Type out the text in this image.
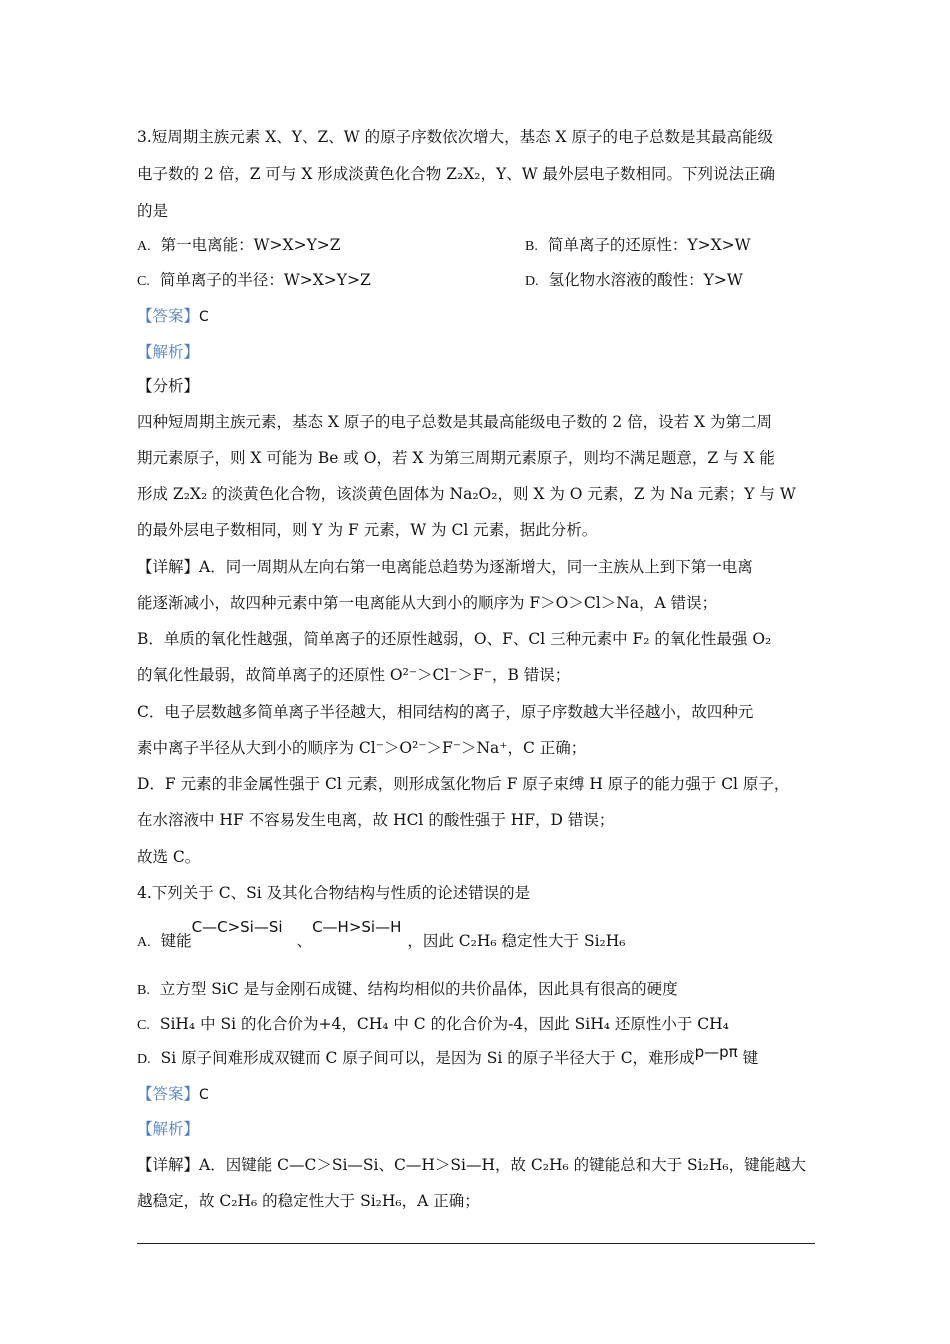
3.短周期主族元素 X、Y、Z、W 的原子序数依次增大，基态 X 原子的电子总数是其最高能级
电子数的 2 倍，Z 可与 X 形成淡黄色化合物 Z₂X₂，Y、W 最外层电子数相同。下列说法正确
的是
A. 第一电离能：W>X>Y>Z	B. 简单离子的还原性：Y>X>W
C. 简单离子的半径：W>X>Y>Z	D. 氢化物水溶液的酸性：Y>W
【答案】C
【解析】
【分析】
四种短周期主族元素，基态 X 原子的电子总数是其最高能级电子数的 2 倍，设若 X 为第二周
期元素原子，则 X 可能为 Be 或 O，若 X 为第三周期元素原子，则均不满足题意，Z 与 X 能
形成 Z₂X₂ 的淡黄色化合物，该淡黄色固体为 Na₂O₂，则 X 为 O 元素，Z 为 Na 元素；Y 与 W
的最外层电子数相同，则 Y 为 F 元素，W 为 Cl 元素，据此分析。
【详解】A．同一周期从左向右第一电离能总趋势为逐渐增大，同一主族从上到下第一电离
能逐渐减小，故四种元素中第一电离能从大到小的顺序为 F＞O＞Cl＞Na，A 错误；
B．单质的氧化性越强，简单离子的还原性越弱，O、F、Cl 三种元素中 F₂ 的氧化性最强 O₂
的氧化性最弱，故简单离子的还原性 O²⁻＞Cl⁻＞F⁻，B 错误；
C．电子层数越多简单离子半径越大，相同结构的离子，原子序数越大半径越小，故四种元
素中离子半径从大到小的顺序为 Cl⁻＞O²⁻＞F⁻＞Na⁺，C 正确；
D．F 元素的非金属性强于 Cl 元素，则形成氢化物后 F 原子束缚 H 原子的能力强于 Cl 原子，
在水溶液中 HF 不容易发生电离，故 HCl 的酸性强于 HF，D 错误；
故选 C。
4.下列关于 C、Si 及其化合物结构与性质的论述错误的是
A. 键能C—C>Si—Si、C—H>Si—H，因此 C₂H₆ 稳定性大于 Si₂H₆
B. 立方型 SiC 是与金刚石成键、结构均相似的共价晶体，因此具有很高的硬度
C. SiH₄ 中 Si 的化合价为+4，CH₄ 中 C 的化合价为-4，因此 SiH₄ 还原性小于 CH₄
D. Si 原子间难形成双键而 C 原子间可以，是因为 Si 的原子半径大于 C，难形成p—pπ 键
【答案】C
【解析】
【详解】A．因键能 C—C＞Si—Si、C—H＞Si—H，故 C₂H₆ 的键能总和大于 Si₂H₆，键能越大
越稳定，故 C₂H₆ 的稳定性大于 Si₂H₆，A 正确；
